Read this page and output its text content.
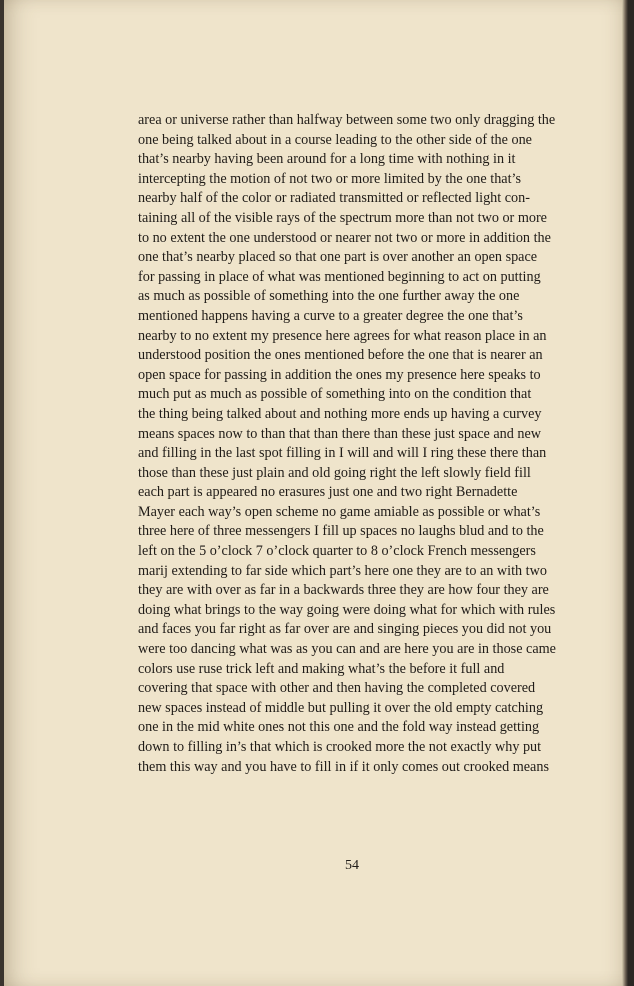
area or universe rather than halfway between some two only dragging the
one being talked about in a course leading to the other side of the one
that’s nearby having been around for a long time with nothing in it
intercepting the motion of not two or more limited by the one that’s
nearby half of the color or radiated transmitted or reflected light con-
taining all of the visible rays of the spectrum more than not two or more
to no extent the one understood or nearer not two or more in addition the
one that’s nearby placed so that one part is over another an open space
for passing in place of what was mentioned beginning to act on putting
as much as possible of something into the one further away the one
mentioned happens having a curve to a greater degree the one that’s
nearby to no extent my presence here agrees for what reason place in an
understood position the ones mentioned before the one that is nearer an
open space for passing in addition the ones my presence here speaks to
much put as much as possible of something into on the condition that
the thing being talked about and nothing more ends up having a curvey
means spaces now to than that than there than these just space and new
and filling in the last spot filling in I will and will I ring these there than
those than these just plain and old going right the left slowly field fill
each part is appeared no erasures just one and two right Bernadette
Mayer each way’s open scheme no game amiable as possible or what’s
three here of three messengers I fill up spaces no laughs blud and to the
left on the 5 o’clock 7 o’clock quarter to 8 o’clock French messengers
marij extending to far side which part’s here one they are to an with two
they are with over as far in a backwards three they are how four they are
doing what brings to the way going were doing what for which with rules
and faces you far right as far over are and singing pieces you did not you
were too dancing what was as you can and are here you are in those came
colors use ruse trick left and making what’s the before it full and
covering that space with other and then having the completed covered
new spaces instead of middle but pulling it over the old empty catching
one in the mid white ones not this one and the fold way instead getting
down to filling in’s that which is crooked more the not exactly why put
them this way and you have to fill in if it only comes out crooked means
54
